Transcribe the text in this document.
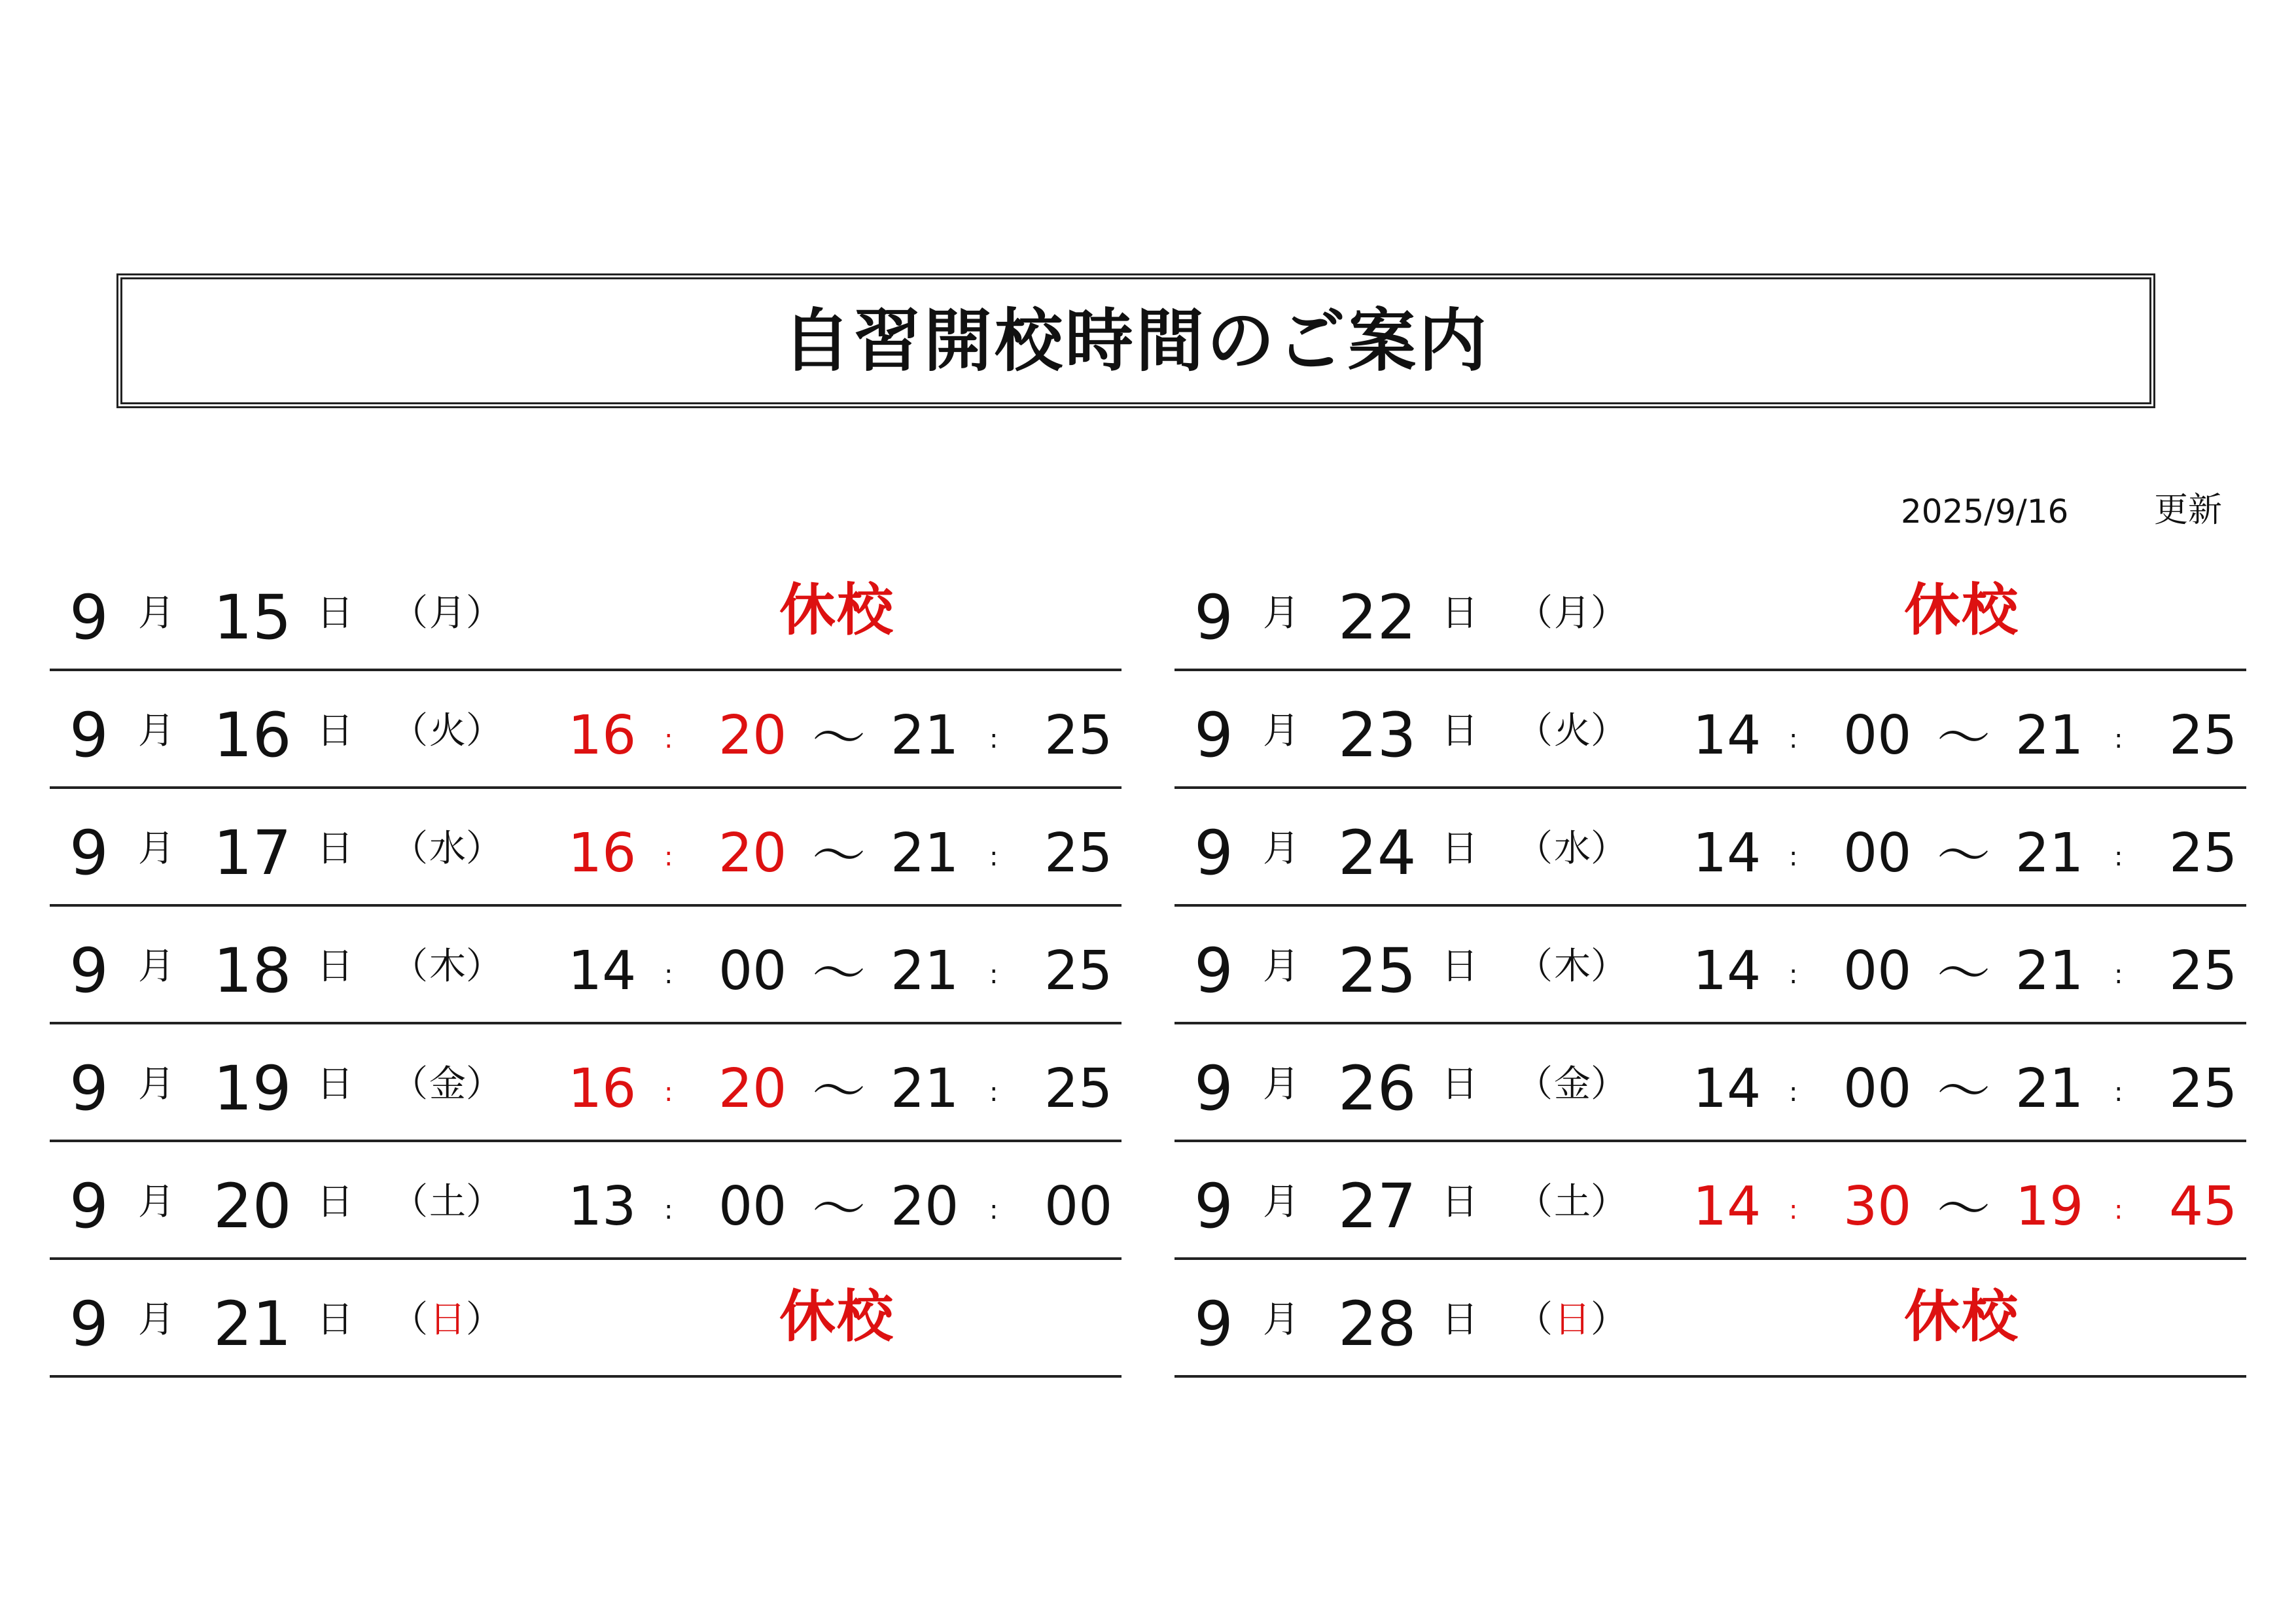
自習開校時間のご案内
2025/9/16	更新
9 月 15 日 （月）	休校
9 月 16 日 （火） 16 : 20 ～ 21 : 25
9 月 17 日 （水） 16 : 20 ～ 21 : 25
9 月 18 日 （木） 14 : 00 ～ 21 : 25
9 月 19 日 （金） 16 : 20 ～ 21 : 25
9 月 20 日 （土） 13 : 00 ～ 20 : 00
9 月 21 日 （日）	休校
9 月 22 日 （月）	休校
9 月 23 日 （火） 14 : 00 ～ 21 : 25
9 月 24 日 （水） 14 : 00 ～ 21 : 25
9 月 25 日 （木） 14 : 00 ～ 21 : 25
9 月 26 日 （金） 14 : 00 ～ 21 : 25
9 月 27 日 （土） 14 : 30 ～ 19 : 45
9 月 28 日 （日）	休校
